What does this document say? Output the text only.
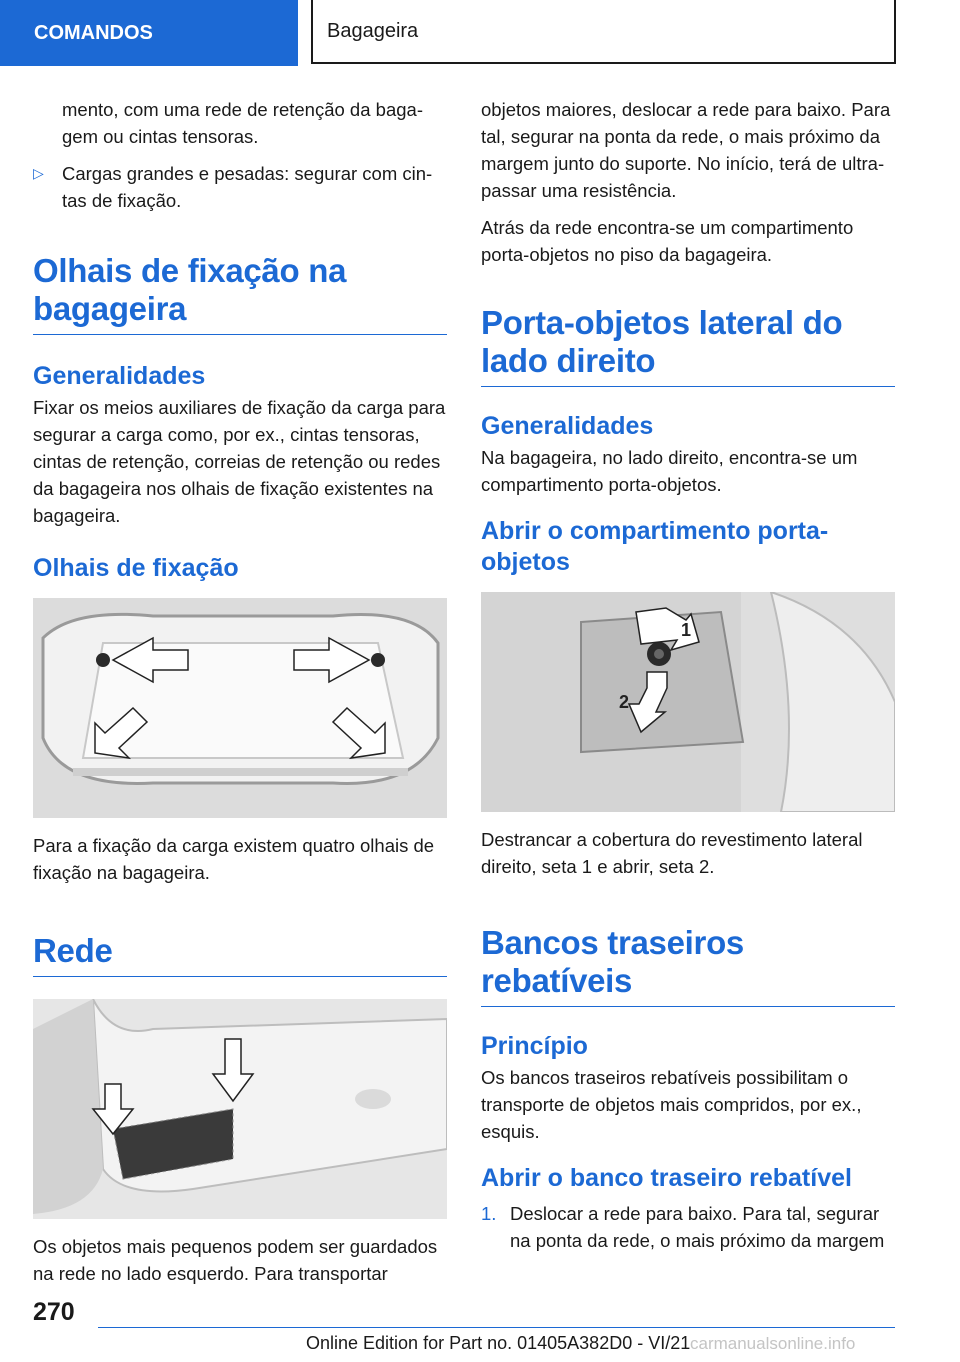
COMANDOS	Bagageira

mento, com uma rede de retenção da bagagem ou cintas tensoras.

▷ Cargas grandes e pesadas: segurar com cintas de fixação.
Olhais de fixação na bagageira
Generalidades

Fixar os meios auxiliares de fixação da carga para segurar a carga como, por ex., cintas tensoras, cintas de retenção, correias de retenção ou redes da bagageira nos olhais de fixação existentes na bagageira.

Olhais de fixação

Para a fixação da carga existem quatro olhais de fixação na bagageira.

Rede

Os objetos mais pequenos podem ser guardados na rede no lado esquerdo. Para transportar

objetos maiores, deslocar a rede para baixo. Para tal, segurar na ponta da rede, o mais próximo da margem junto do suporte. No início, terá de ultrapassar uma resistência.

Atrás da rede encontra-se um compartimento porta-objetos no piso da bagageira.

Porta-objetos lateral do lado direito
Generalidades

Na bagageira, no lado direito, encontra-se um compartimento porta-objetos.

Abrir o compartimento porta-objetos
1
2

Destrancar a cobertura do revestimento lateral direito, seta 1 e abrir, seta 2.

Bancos traseiros rebatíveis
Princípio

Os bancos traseiros rebatíveis possibilitam o transporte de objetos mais compridos, por ex., esquis.

Abrir o banco traseiro rebatível
1. Deslocar a rede para baixo. Para tal, segurar na ponta da rede, o mais próximo da margem
270
Online Edition for Part no. 01405A382D0 - VI/21 carmanualsonline.info
